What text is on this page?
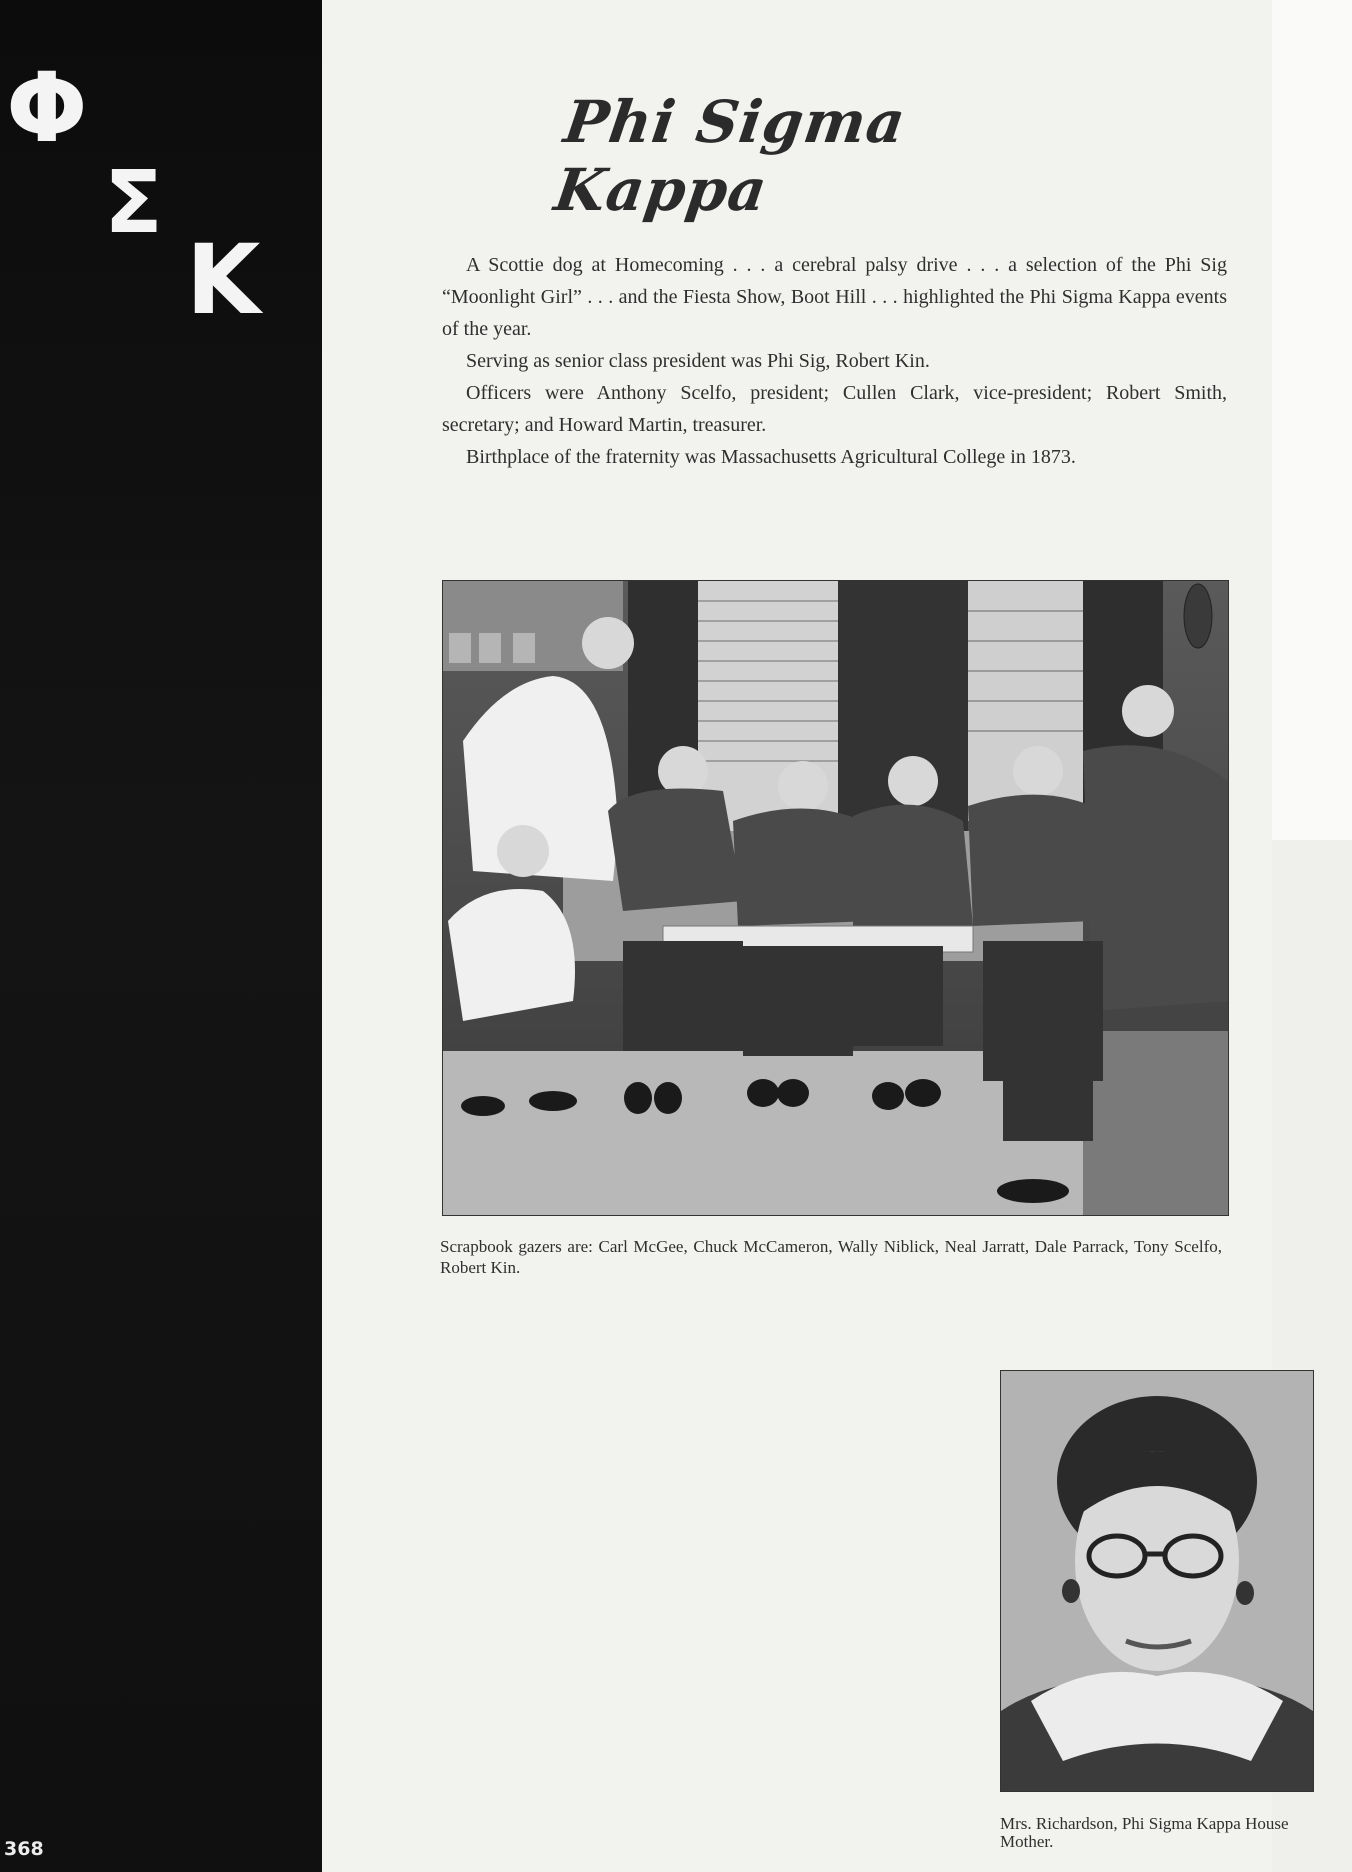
Φ
Σ
Κ
368
Phi Sigma Kappa

A Scottie dog at Homecoming . . . a cerebral palsy drive . . . a selection of the Phi Sig “Moonlight Girl” . . . and the Fiesta Show, Boot Hill . . . highlighted the Phi Sigma Kappa events of the year.

Serving as senior class president was Phi Sig, Robert Kin.

Officers were Anthony Scelfo, president; Cullen Clark, vice-president; Robert Smith, secretary; and Howard Martin, treasurer.

Birthplace of the fraternity was Massachusetts Agricultural College in 1873.

Scrapbook gazers are: Carl McGee, Chuck McCameron, Wally Niblick, Neal Jarratt, Dale Parrack, Tony Scelfo, Robert Kin.
Mrs. Richardson, Phi Sigma Kappa House Mother.
